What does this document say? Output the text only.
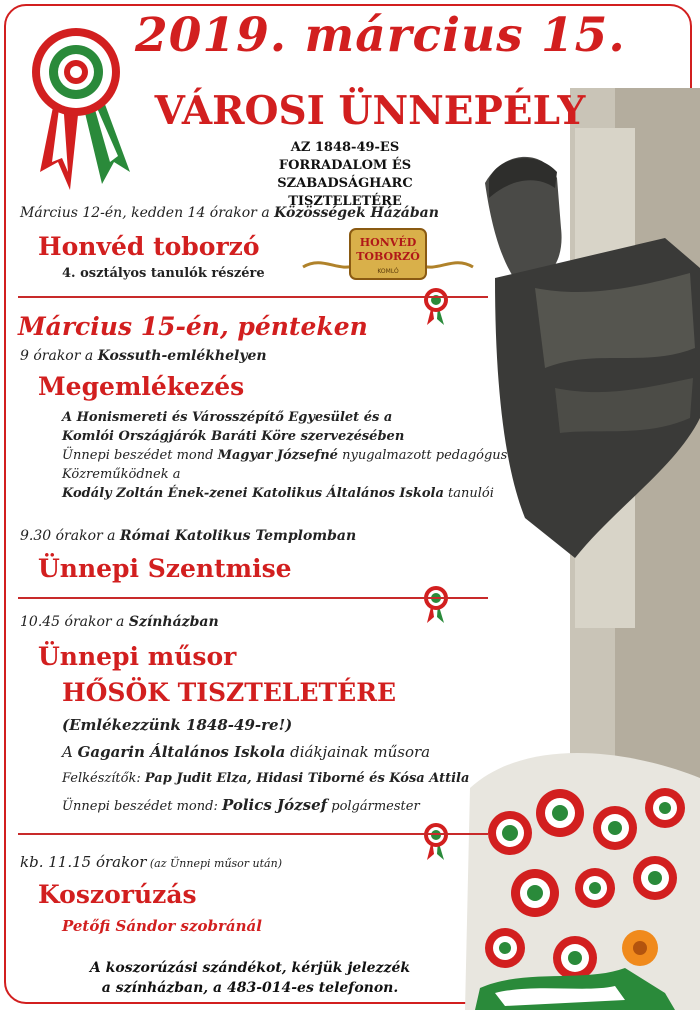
2019. március 15.
VÁROSI ÜNNEPÉLY
AZ 1848-49-ES
FORRADALOM ÉS SZABADSÁGHARC
TISZTELETÉRE
Március 12-én, kedden 14 órakor a Közösségek Házában
Honvéd toborzó
4. osztályos tanulók részére
HONVÉD
TOBORZÓ
KOMLÓ
Március 15-én, pénteken
9 órakor a Kossuth-emlékhelyen
Megemlékezés
A Honismereti és Városszépítő Egyesület és a
Komlói Országjárók Baráti Köre szervezésében
Ünnepi beszédet mond Magyar Józsefné nyugalmazott pedagógus
Közreműködnek a
Kodály Zoltán Ének-zenei Katolikus Általános Iskola tanulói
9.30 órakor a Római Katolikus Templomban
Ünnepi Szentmise
10.45 órakor a Színházban
Ünnepi műsor
HŐSÖK TISZTELETÉRE
(Emlékezzünk 1848-49-re!)
A Gagarin Általános Iskola diákjainak műsora
Felkészítők: Pap Judit Elza, Hidasi Tiborné és Kósa Attila
Ünnepi beszédet mond: Polics József polgármester
kb. 11.15 órakor (az Ünnepi műsor után)
Koszorúzás
Petőfi Sándor szobránál
A koszorúzási szándékot, kérjük jelezzék
a színházban, a 483-014-es telefonon.
